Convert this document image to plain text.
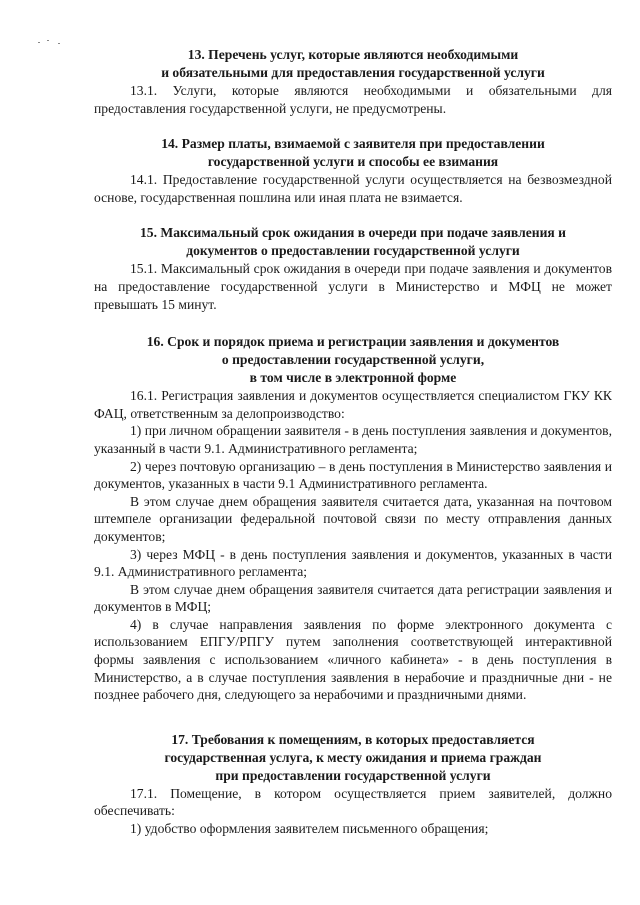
13. Перечень услуг, которые являются необходимыми
и обязательными для предоставления государственной услуги

13.1. Услуги, которые являются необходимыми и обязательными для предоставления государственной услуги, не предусмотрены.

14. Размер платы, взимаемой с заявителя при предоставлении
государственной услуги и способы ее взимания

14.1. Предоставление государственной услуги осуществляется на безвозмездной основе, государственная пошлина или иная плата не взимается.

15. Максимальный срок ожидания в очереди при подаче заявления и
документов о предоставлении государственной услуги

15.1. Максимальный срок ожидания в очереди при подаче заявления и документов на предоставление государственной услуги в Министерство и МФЦ не может превышать 15 минут.

16. Срок и порядок приема и регистрации заявления и документов
о предоставлении государственной услуги,
в том числе в электронной форме

16.1. Регистрация заявления и документов осуществляется специалистом ГКУ КК ФАЦ, ответственным за делопроизводство:

1) при личном обращении заявителя - в день поступления заявления и документов, указанный в части 9.1. Административного регламента;

2) через почтовую организацию – в день поступления в Министерство заявления и документов, указанных в части 9.1 Административного регламента.

В этом случае днем обращения заявителя считается дата, указанная на почтовом штемпеле организации федеральной почтовой связи по месту отправления данных документов;

3) через МФЦ - в день поступления заявления и документов, указанных в части 9.1. Административного регламента;

В этом случае днем обращения заявителя считается дата регистрации заявления и документов в МФЦ;

4) в случае направления заявления по форме электронного документа с использованием ЕПГУ/РПГУ путем заполнения соответствующей интерактивной формы заявления с использованием «личного кабинета» - в день поступления в Министерство, а в случае поступления заявления в нерабочие и праздничные дни - не позднее рабочего дня, следующего за нерабочими и праздничными днями.

17. Требования к помещениям, в которых предоставляется
государственная услуга, к месту ожидания и приема граждан
при предоставлении государственной услуги

17.1. Помещение, в котором осуществляется прием заявителей, должно обеспечивать:

1) удобство оформления заявителем письменного обращения;
